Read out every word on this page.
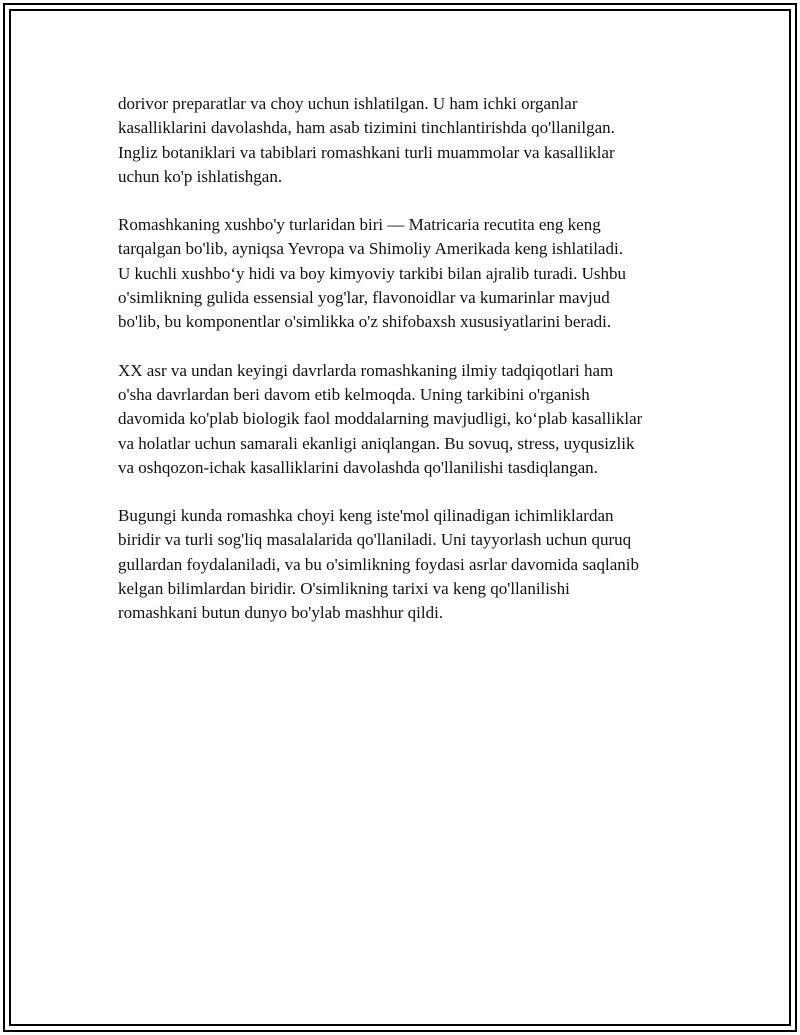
dorivor preparatlar va choy uchun ishlatilgan. U ham ichki organlar
kasalliklarini davolashda, ham asab tizimini tinchlantirishda qo'llanilgan.
Ingliz botaniklari va tabiblari romashkani turli muammolar va kasalliklar
uchun ko'p ishlatishgan.

Romashkaning xushbo'y turlaridan biri — Matricaria recutita eng keng
tarqalgan bo'lib, ayniqsa Yevropa va Shimoliy Amerikada keng ishlatiladi.
U kuchli xushbo‘y hidi va boy kimyoviy tarkibi bilan ajralib turadi. Ushbu
o'simlikning gulida essensial yog'lar, flavonoidlar va kumarinlar mavjud
bo'lib, bu komponentlar o'simlikka o'z shifobaxsh xususiyatlarini beradi.

XX asr va undan keyingi davrlarda romashkaning ilmiy tadqiqotlari ham
o'sha davrlardan beri davom etib kelmoqda. Uning tarkibini o'rganish
davomida ko'plab biologik faol moddalarning mavjudligi, ko‘plab kasalliklar
va holatlar uchun samarali ekanligi aniqlangan. Bu sovuq, stress, uyqusizlik
va oshqozon-ichak kasalliklarini davolashda qo'llanilishi tasdiqlangan.

Bugungi kunda romashka choyi keng iste'mol qilinadigan ichimliklardan
biridir va turli sog'liq masalalarida qo'llaniladi. Uni tayyorlash uchun quruq
gullardan foydalaniladi, va bu o'simlikning foydasi asrlar davomida saqlanib
kelgan bilimlardan biridir. O'simlikning tarixi va keng qo'llanilishi
romashkani butun dunyo bo'ylab mashhur qildi.
